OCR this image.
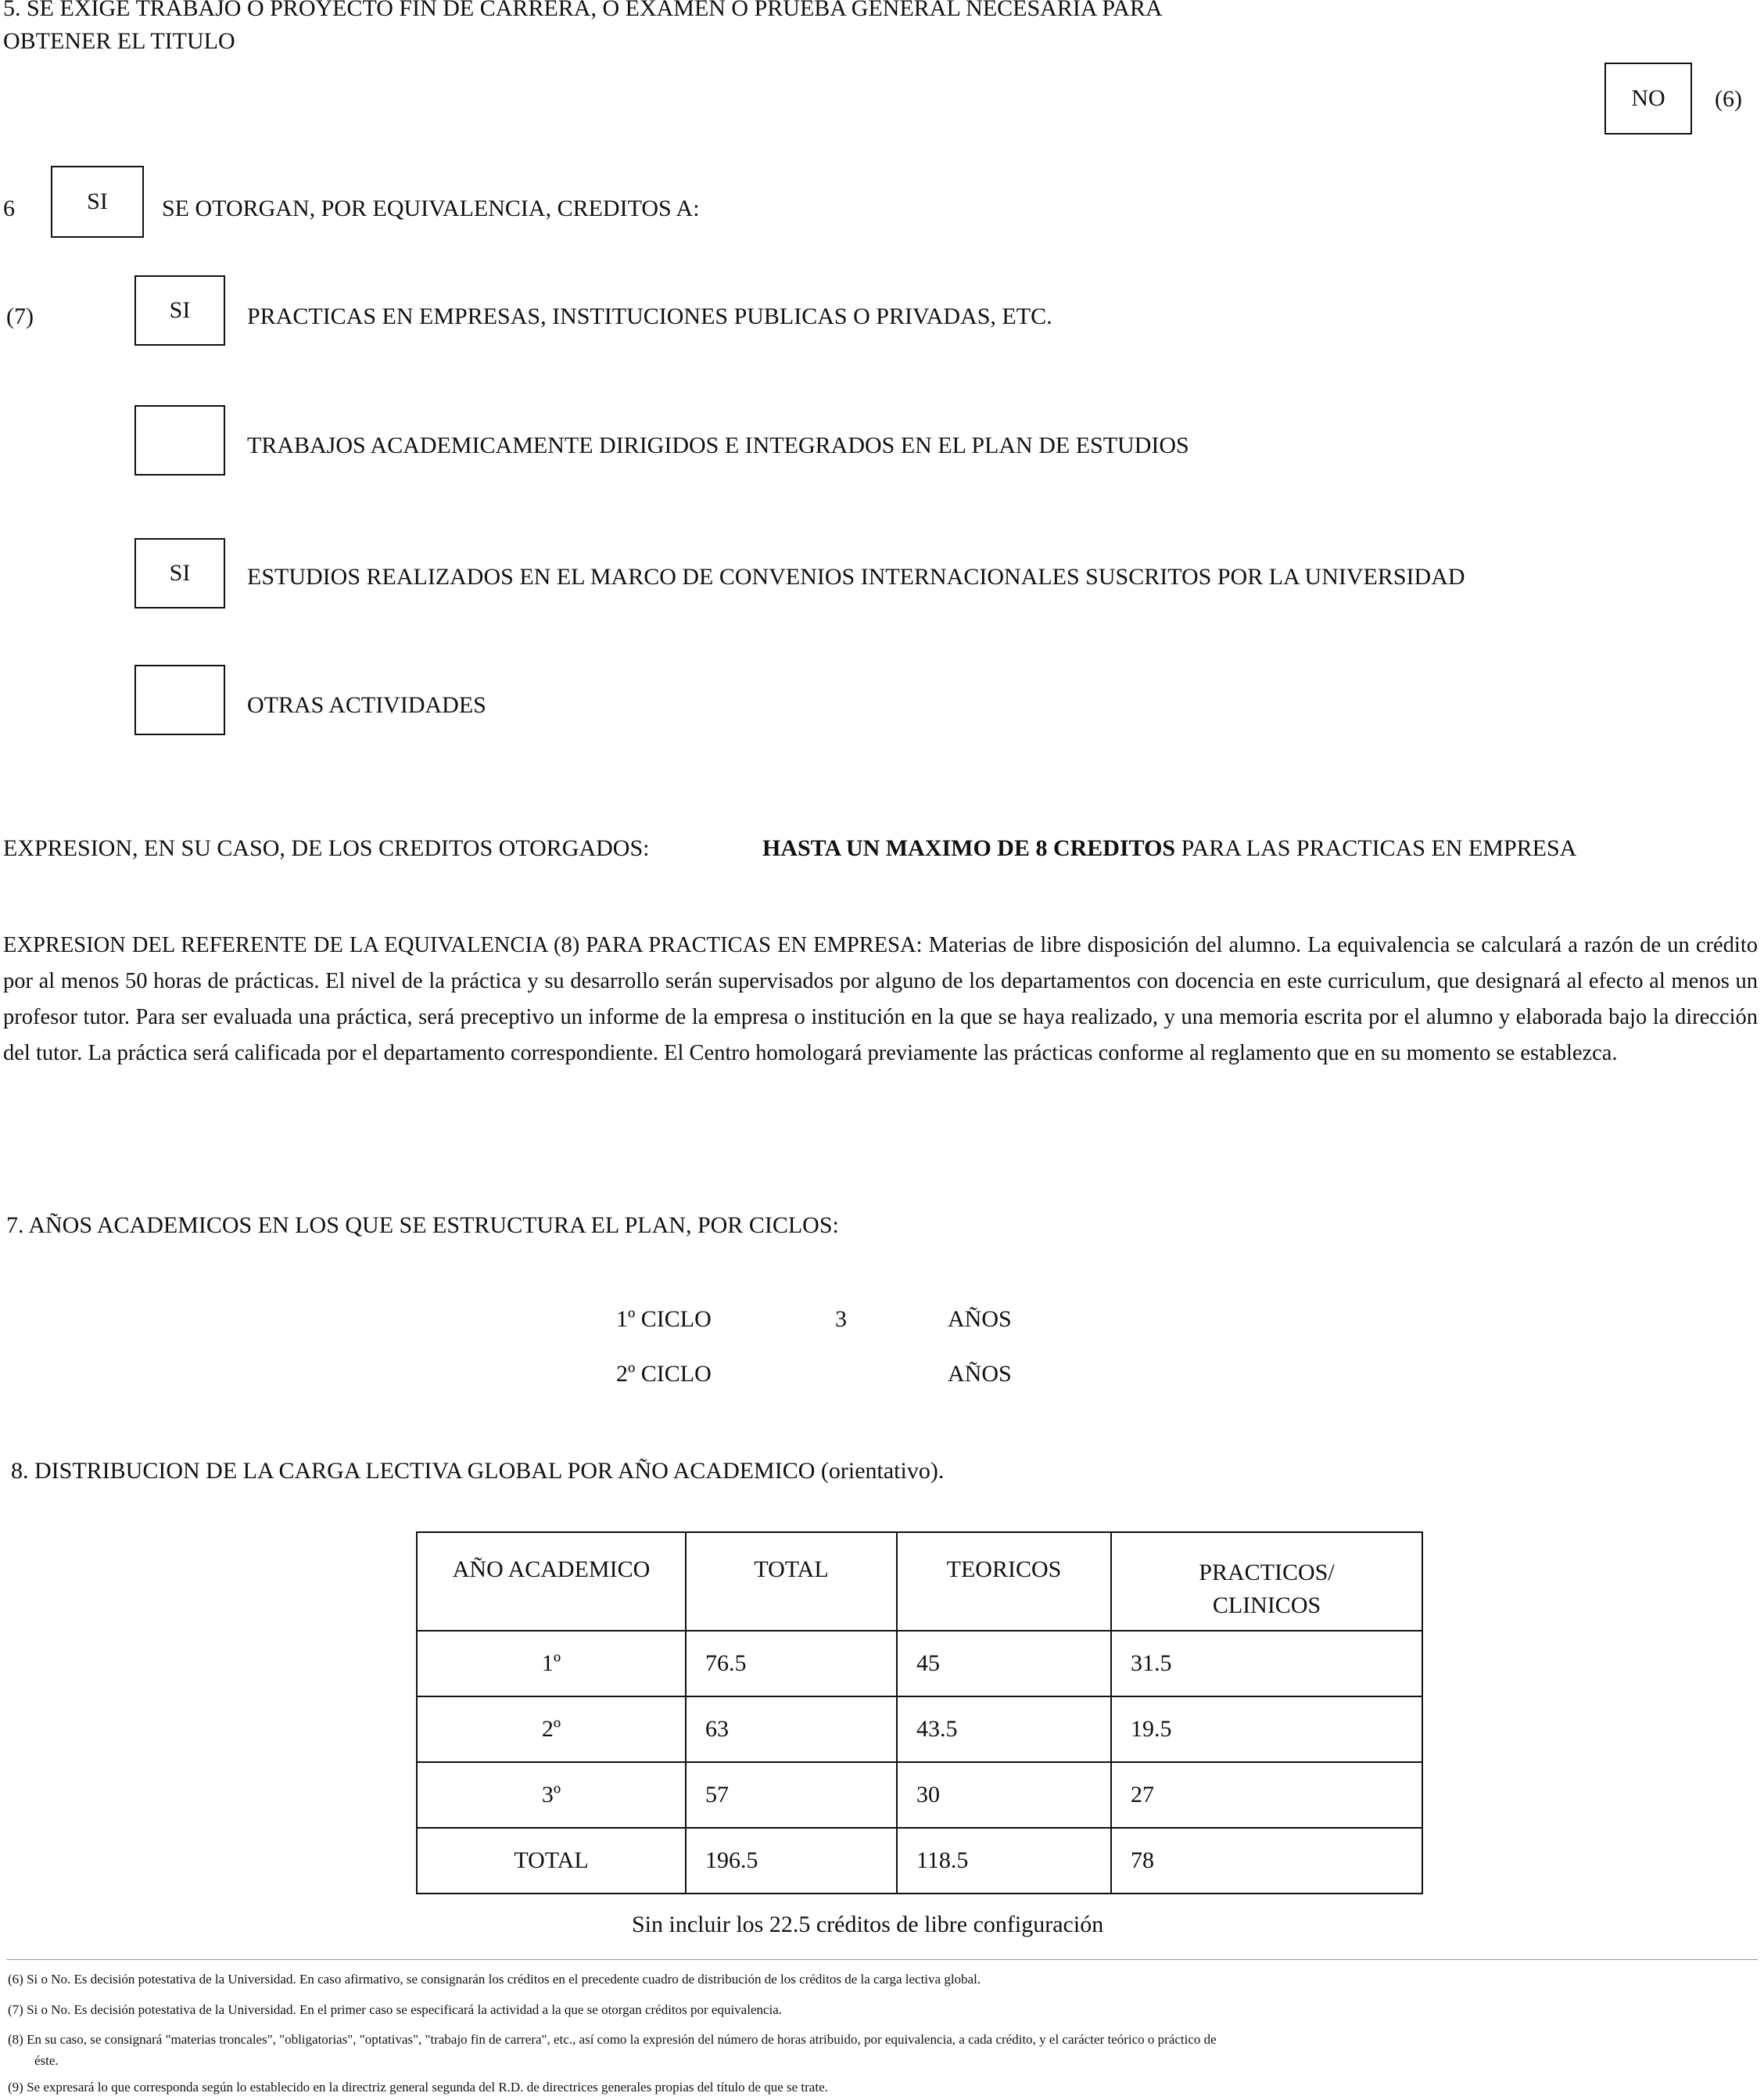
5. SE EXIGE TRABAJO O PROYECTO FIN DE CARRERA, O EXAMEN O PRUEBA GENERAL NECESARIA PARA
OBTENER EL TITULO
NO	(6)
6	SI	SE OTORGAN, POR EQUIVALENCIA, CREDITOS A:
(7)	SI	PRACTICAS EN EMPRESAS, INSTITUCIONES PUBLICAS O PRIVADAS, ETC.
TRABAJOS ACADEMICAMENTE DIRIGIDOS E INTEGRADOS EN EL PLAN DE ESTUDIOS
SI	ESTUDIOS REALIZADOS EN EL MARCO DE CONVENIOS INTERNACIONALES SUSCRITOS POR LA UNIVERSIDAD
OTRAS ACTIVIDADES
EXPRESION, EN SU CASO, DE LOS CREDITOS OTORGADOS:	HASTA UN MAXIMO DE 8 CREDITOS PARA LAS PRACTICAS EN EMPRESA
EXPRESION DEL REFERENTE DE LA EQUIVALENCIA (8) PARA PRACTICAS EN EMPRESA: Materias de libre disposición del alumno. La equivalencia se calculará a razón de un crédito por al menos 50 horas de prácticas. El nivel de la práctica y su desarrollo serán supervisados por alguno de los departamentos con docencia en este curriculum, que designará al efecto al menos un profesor tutor. Para ser evaluada una práctica, será preceptivo un informe de la empresa o institución en la que se haya realizado, y una memoria escrita por el alumno y elaborada bajo la dirección del tutor. La práctica será calificada por el departamento correspondiente. El Centro homologará previamente las prácticas conforme al reglamento que en su momento se establezca.
7. AÑOS ACADEMICOS EN LOS QUE SE ESTRUCTURA EL PLAN, POR CICLOS:
1º CICLO	3	AÑOS
2º CICLO	AÑOS
8. DISTRIBUCION DE LA CARGA LECTIVA GLOBAL POR AÑO ACADEMICO (orientativo).
AÑO ACADEMICO	TOTAL	TEORICOS	PRACTICOS/ CLINICOS
1º	76.5	45	31.5
2º	63	43.5	19.5
3º	57	30	27
TOTAL	196.5	118.5	78
Sin incluir los 22.5 créditos de libre configuración
(6) Si o No. Es decisión potestativa de la Universidad. En caso afirmativo, se consignarán los créditos en el precedente cuadro de distribución de los créditos de la carga lectiva global.
(7) Si o No. Es decisión potestativa de la Universidad. En el primer caso se especificará la actividad a la que se otorgan créditos por equivalencia.
(8) En su caso, se consignará "materias troncales", "obligatorias", "optativas", "trabajo fin de carrera", etc., así como la expresión del número de horas atribuido, por equivalencia, a cada crédito, y el carácter teórico o práctico de
éste.
(9) Se expresará lo que corresponda según lo establecido en la directriz general segunda del R.D. de directrices generales propias del título de que se trate.
